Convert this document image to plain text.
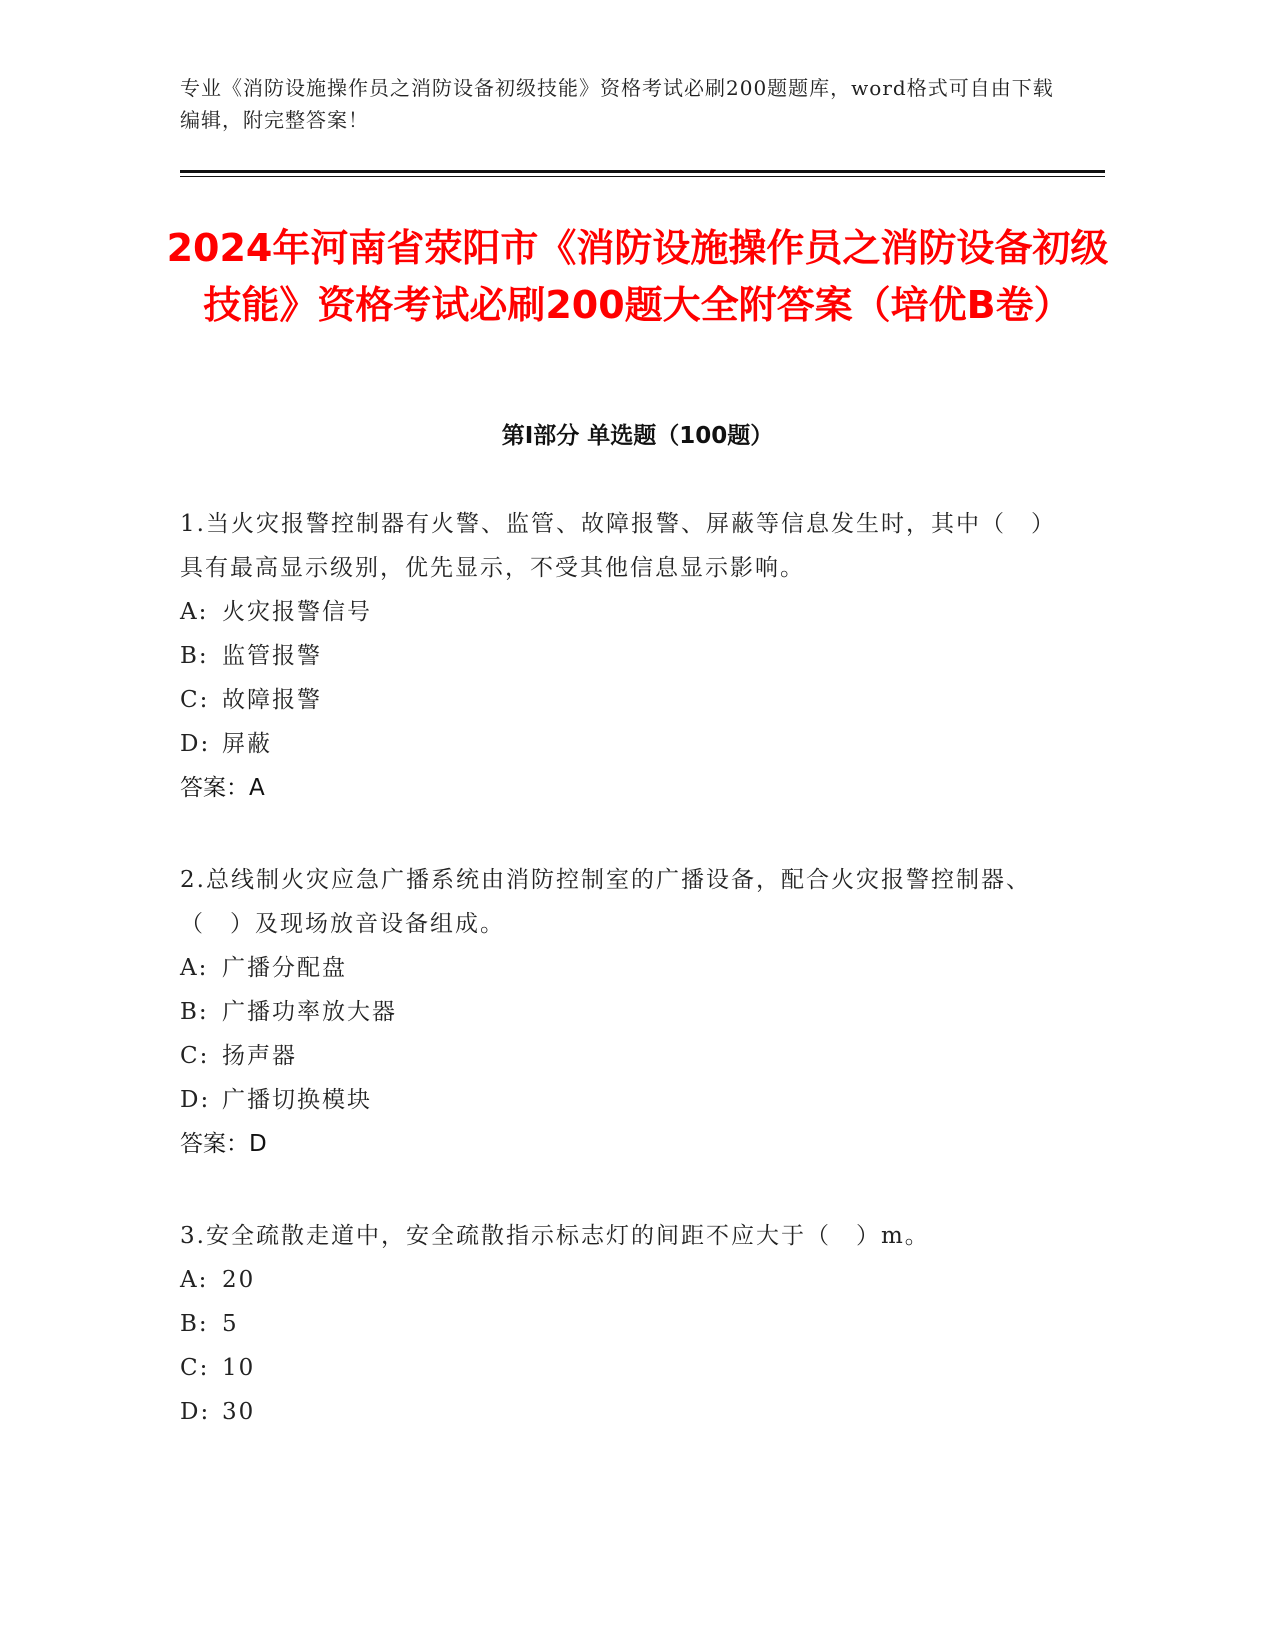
专业《消防设施操作员之消防设备初级技能》资格考试必刷200题题库，word格式可自由下载编辑，附完整答案！
2024年河南省荥阳市《消防设施操作员之消防设备初级技能》资格考试必刷200题大全附答案（培优B卷）
第Ⅰ部分 单选题（100题）
1.当火灾报警控制器有火警、监管、故障报警、屏蔽等信息发生时，其中（　）具有最高显示级别，优先显示，不受其他信息显示影响。
A: 火灾报警信号
B: 监管报警
C: 故障报警
D: 屏蔽
答案：A
2.总线制火灾应急广播系统由消防控制室的广播设备，配合火灾报警控制器、（　）及现场放音设备组成。
A: 广播分配盘
B: 广播功率放大器
C: 扬声器
D: 广播切换模块
答案：D
3.安全疏散走道中，安全疏散指示标志灯的间距不应大于（　）m。
A: 20
B: 5
C: 10
D: 30
